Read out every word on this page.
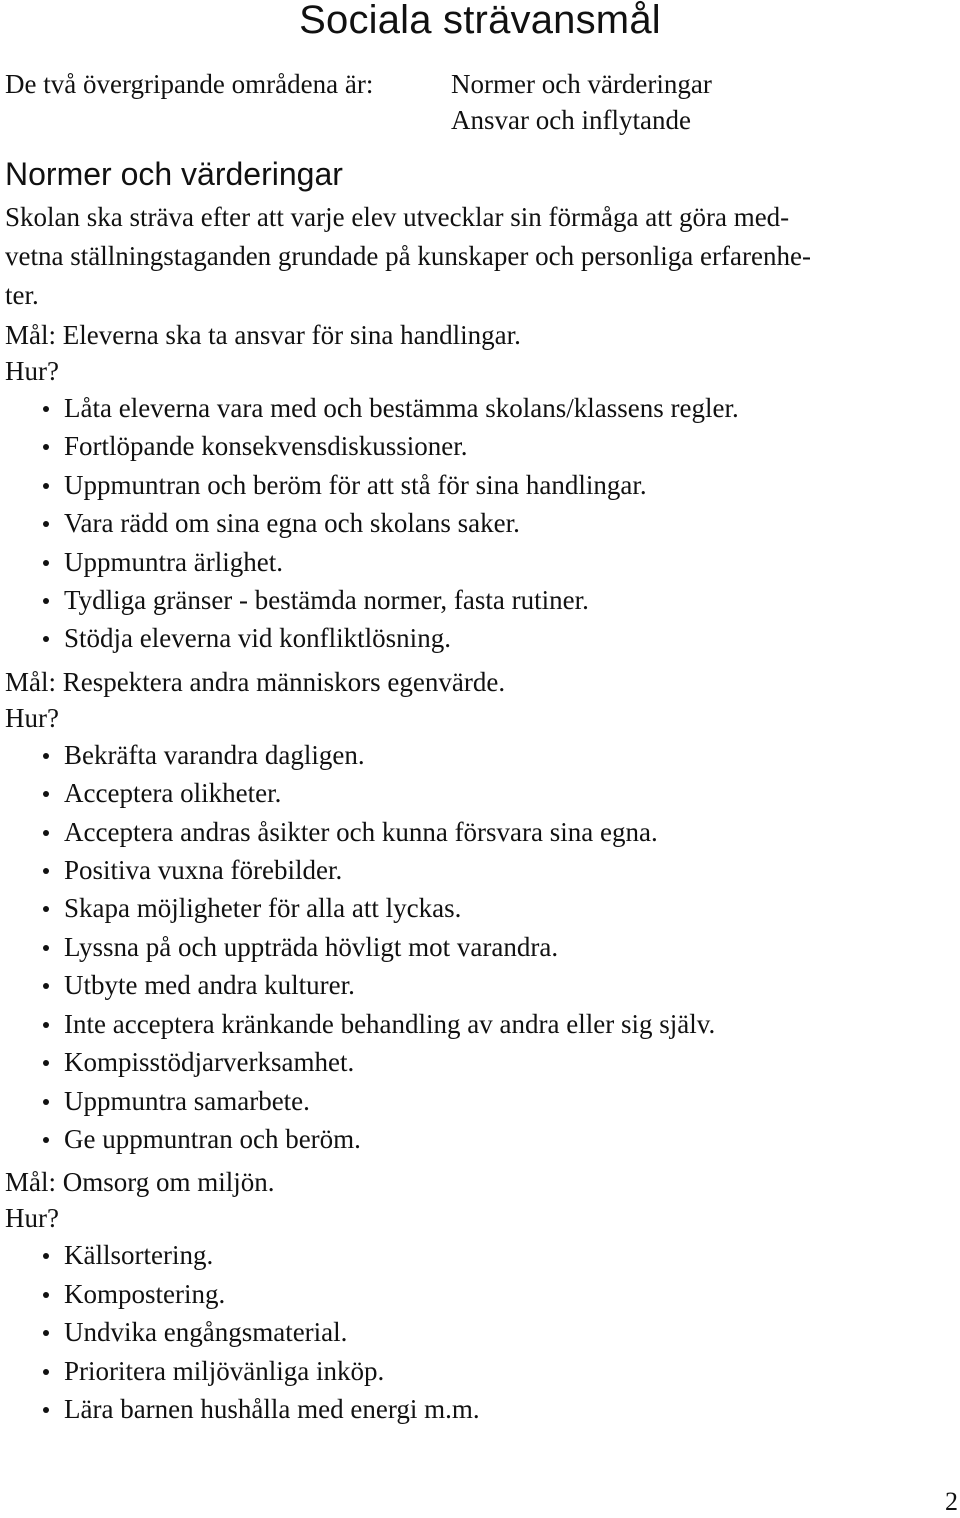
Sociala strävansmål
De två övergripande områdena är:	Normer och värderingar
Ansvar och inflytande
Normer och värderingar

Skolan ska sträva efter att varje elev utvecklar sin förmåga att göra med-
vetna ställningstaganden grundade på kunskaper och personliga erfarenhe-
ter.

Mål: Eleverna ska ta ansvar för sina handlingar.

Hur?

Låta eleverna vara med och bestämma skolans/klassens regler.
Fortlöpande konsekvensdiskussioner.
Uppmuntran och beröm för att stå för sina handlingar.
Vara rädd om sina egna och skolans saker.
Uppmuntra ärlighet.
Tydliga gränser - bestämda normer, fasta rutiner.
Stödja eleverna vid konfliktlösning.

Mål: Respektera andra människors egenvärde.

Hur?

Bekräfta varandra dagligen.
Acceptera olikheter.
Acceptera andras åsikter och kunna försvara sina egna.
Positiva vuxna förebilder.
Skapa möjligheter för alla att lyckas.
Lyssna på och uppträda hövligt mot varandra.
Utbyte med andra kulturer.
Inte acceptera kränkande behandling av andra eller sig själv.
Kompisstödjarverksamhet.
Uppmuntra samarbete.
Ge uppmuntran och beröm.

Mål: Omsorg om miljön.

Hur?

Källsortering.
Kompostering.
Undvika engångsmaterial.
Prioritera miljövänliga inköp.
Lära barnen hushålla med energi m.m.
2
